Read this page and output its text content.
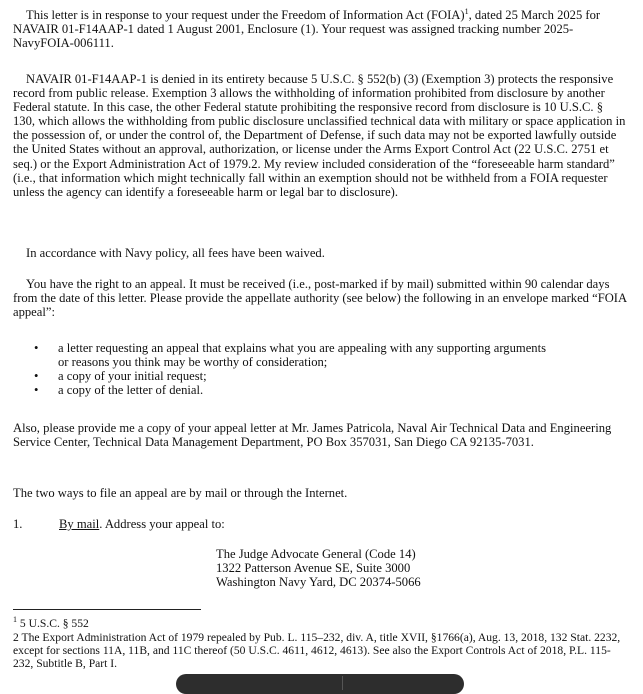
This letter is in response to your request under the Freedom of Information Act (FOIA)$^1$, dated 25 March 2025 for NAVAIR 01-F14AAP-1 dated 1 August 2001, Enclosure (1). Your request was assigned tracking number 2025-NavyFOIA-006111.

NAVAIR 01-F14AAP-1 is denied in its entirety because 5 U.S.C. § 552(b) (3) (Exemption 3) protects the responsive record from public release. Exemption 3 allows the withholding of information prohibited from disclosure by another Federal statute. In this case, the other Federal statute prohibiting the responsive record from disclosure is 10 U.S.C. § 130, which allows the withholding from public disclosure unclassified technical data with military or space application in the possession of, or under the control of, the Department of Defense, if such data may not be exported lawfully outside the United States without an approval, authorization, or license under the Arms Export Control Act (22 U.S.C. 2751 et seq.) or the Export Administration Act of 1979.2. My review included consideration of the “foreseeable harm standard” (i.e., that information which might technically fall within an exemption should not be withheld from a FOIA requester unless the agency can identify a foreseeable harm or legal bar to disclosure).

In accordance with Navy policy, all fees have been waived.

You have the right to an appeal. It must be received (i.e., post-marked if by mail) submitted within 90 calendar days from the date of this letter. Please provide the appellate authority (see below) the following in an envelope marked “FOIA appeal”:

• a letter requesting an appeal that explains what you are appealing with any supporting arguments or reasons you think may be worthy of consideration;
• a copy of your initial request;
• a copy of the letter of denial.

Also, please provide me a copy of your appeal letter at Mr. James Patricola, Naval Air Technical Data and Engineering Service Center, Technical Data Management Department, PO Box 357031, San Diego CA 92135-7031.

The two ways to file an appeal are by mail or through the Internet.

1.	By mail. Address your appeal to:
The Judge Advocate General (Code 14)
1322 Patterson Avenue SE, Suite 3000
Washington Navy Yard, DC 20374-5066

$^1$ 5 U.S.C. § 552

2 The Export Administration Act of 1979 repealed by Pub. L. 115–232, div. A, title XVII, §1766(a), Aug. 13, 2018, 132 Stat. 2232, except for sections 11A, 11B, and 11C thereof (50 U.S.C. 4611, 4612, 4613). See also the Export Controls Act of 2018, P.L. 115-232, Subtitle B, Part I.
